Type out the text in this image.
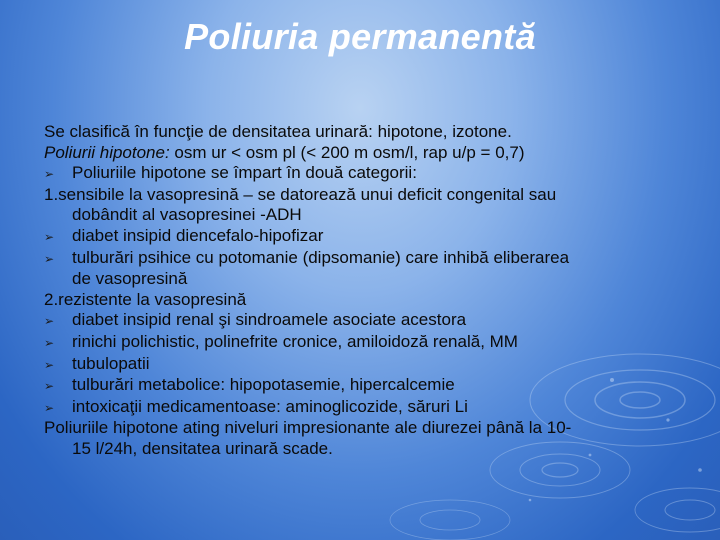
Poliuria permanentă
Se clasifică în funcţie de densitatea urinară: hipotone, izotone.
Poliurii hipotone: osm ur < osm pl (< 200 m osm/l, rap u/p = 0,7)
➢ Poliuriile hipotone se împart în două categorii:
1.sensibile la vasopresină – se datorează unui deficit congenital sau
dobândit al vasopresinei -ADH
➢ diabet insipid diencefalo-hipofizar
➢ tulburări psihice cu potomanie (dipsomanie) care inhibă eliberarea
de vasopresină
2.rezistente la vasopresină
➢ diabet insipid renal şi sindroamele asociate acestora
➢ rinichi polichistic, polinefrite cronice, amiloidoză renală, MM
➢ tubulopatii
➢ tulburări metabolice: hipopotasemie, hipercalcemie
➢ intoxicaţii medicamentoase: aminoglicozide, săruri Li
Poliuriile hipotone ating niveluri impresionante ale diurezei până la 10-
15 l/24h, densitatea urinară scade.
